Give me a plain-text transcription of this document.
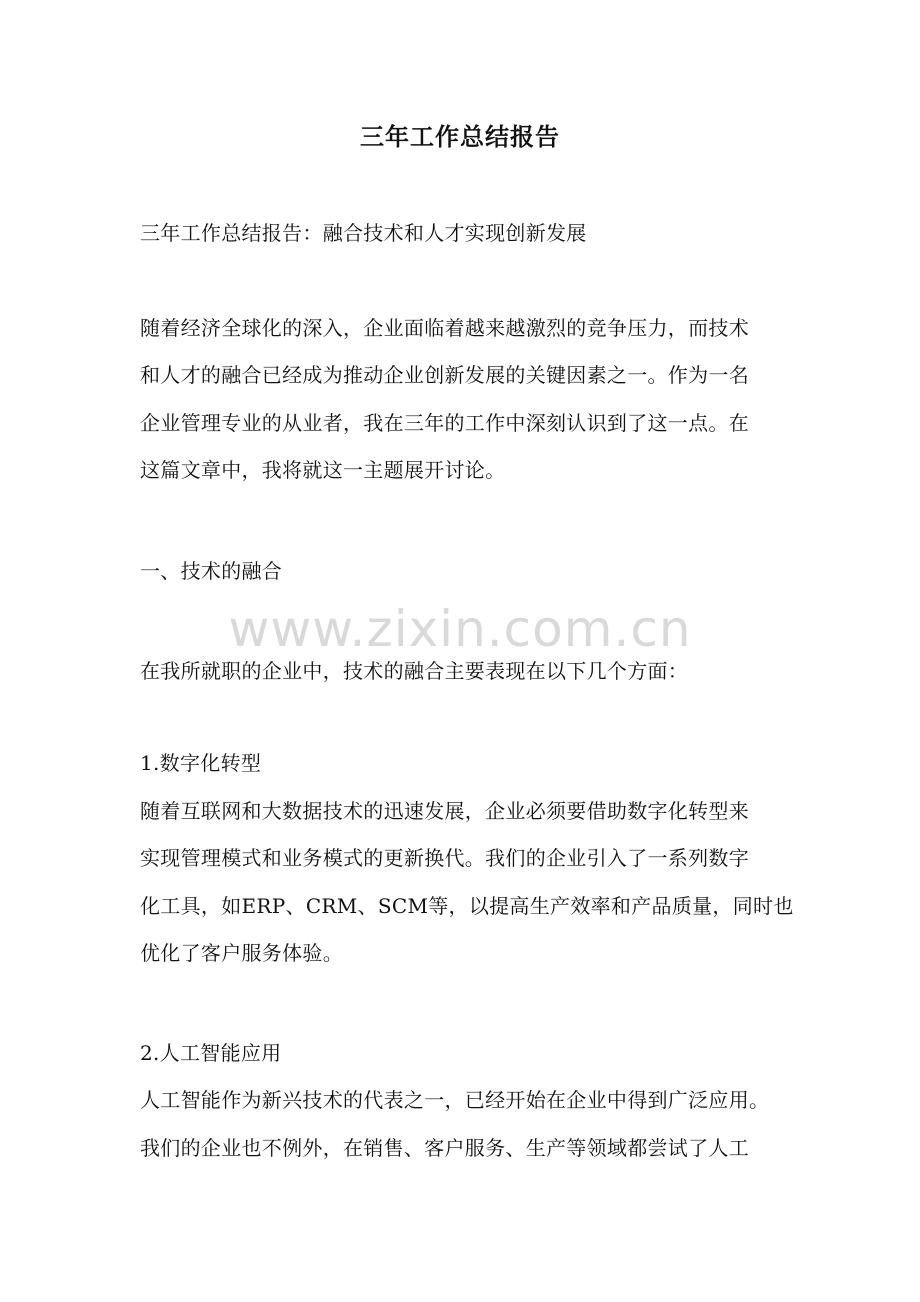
三年工作总结报告
三年工作总结报告：融合技术和人才实现创新发展
随着经济全球化的深入，企业面临着越来越激烈的竞争压力，而技术
和人才的融合已经成为推动企业创新发展的关键因素之一。作为一名
企业管理专业的从业者，我在三年的工作中深刻认识到了这一点。在
这篇文章中，我将就这一主题展开讨论。
一、技术的融合
在我所就职的企业中，技术的融合主要表现在以下几个方面：
1.数字化转型
随着互联网和大数据技术的迅速发展，企业必须要借助数字化转型来
实现管理模式和业务模式的更新换代。我们的企业引入了一系列数字
化工具，如ERP、CRM、SCM等，以提高生产效率和产品质量，同时也
优化了客户服务体验。
2.人工智能应用
人工智能作为新兴技术的代表之一，已经开始在企业中得到广泛应用。
我们的企业也不例外，在销售、客户服务、生产等领域都尝试了人工
www.zixin.com.cn
